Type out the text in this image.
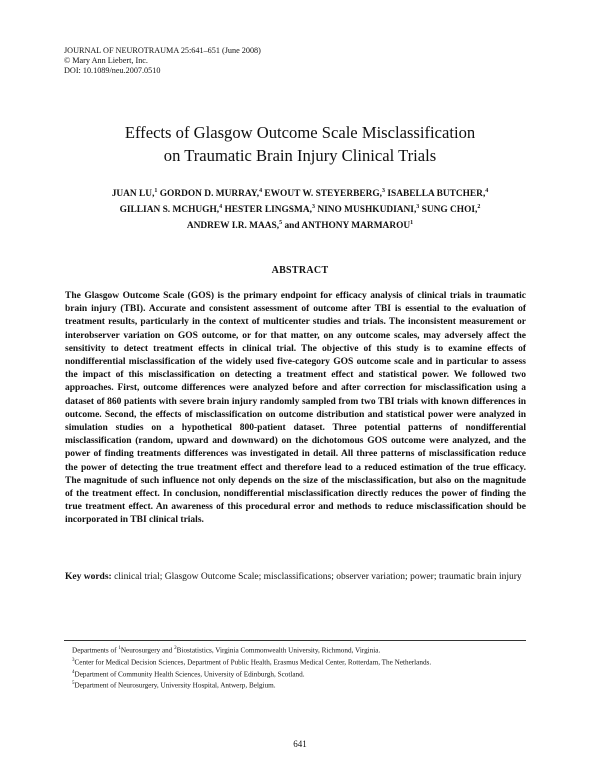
JOURNAL OF NEUROTRAUMA 25:641–651 (June 2008)
© Mary Ann Liebert, Inc.
DOI: 10.1089/neu.2007.0510
Effects of Glasgow Outcome Scale Misclassification
on Traumatic Brain Injury Clinical Trials
JUAN LU,$^1$ GORDON D. MURRAY,$^4$ EWOUT W. STEYERBERG,$^3$ ISABELLA BUTCHER,$^4$
GILLIAN S. MCHUGH,$^4$ HESTER LINGSMA,$^3$ NINO MUSHKUDIANI,$^3$ SUNG CHOI,$^2$
ANDREW I.R. MAAS,$^5$ and ANTHONY MARMAROU$^1$
ABSTRACT

The Glasgow Outcome Scale (GOS) is the primary endpoint for efficacy analysis of clinical trials in traumatic brain injury (TBI). Accurate and consistent assessment of outcome after TBI is essential to the evaluation of treatment results, particularly in the context of multicenter studies and trials. The inconsistent measurement or interobserver variation on GOS outcome, or for that matter, on any outcome scales, may adversely affect the sensitivity to detect treatment effects in clinical trial. The objective of this study is to examine effects of nondifferential misclassification of the widely used five-category GOS outcome scale and in particular to assess the impact of this misclassification on detecting a treatment effect and statistical power. We followed two approaches. First, outcome differences were analyzed before and after correction for misclassification using a dataset of 860 patients with severe brain injury randomly sampled from two TBI trials with known differences in outcome. Second, the effects of misclassification on outcome distribution and statistical power were analyzed in simulation studies on a hypothetical 800-patient dataset. Three potential patterns of nondifferential misclassification (random, upward and downward) on the dichotomous GOS outcome were analyzed, and the power of finding treatments differences was investigated in detail. All three patterns of misclassification reduce the power of detecting the true treatment effect and therefore lead to a reduced estimation of the true efficacy. The magnitude of such influence not only depends on the size of the misclassification, but also on the magnitude of the treatment effect. In conclusion, nondifferential misclassification directly reduces the power of finding the true treatment effect. An awareness of this procedural error and methods to reduce misclassification should be incorporated in TBI clinical trials.

Key words: clinical trial; Glasgow Outcome Scale; misclassifications; observer variation; power; traumatic brain injury
Departments of $^1$Neurosurgery and $^2$Biostatistics, Virginia Commonwealth University, Richmond, Virginia.
$^3$Center for Medical Decision Sciences, Department of Public Health, Erasmus Medical Center, Rotterdam, The Netherlands.
$^4$Department of Community Health Sciences, University of Edinburgh, Scotland.
$^5$Department of Neurosurgery, University Hospital, Antwerp, Belgium.
641
